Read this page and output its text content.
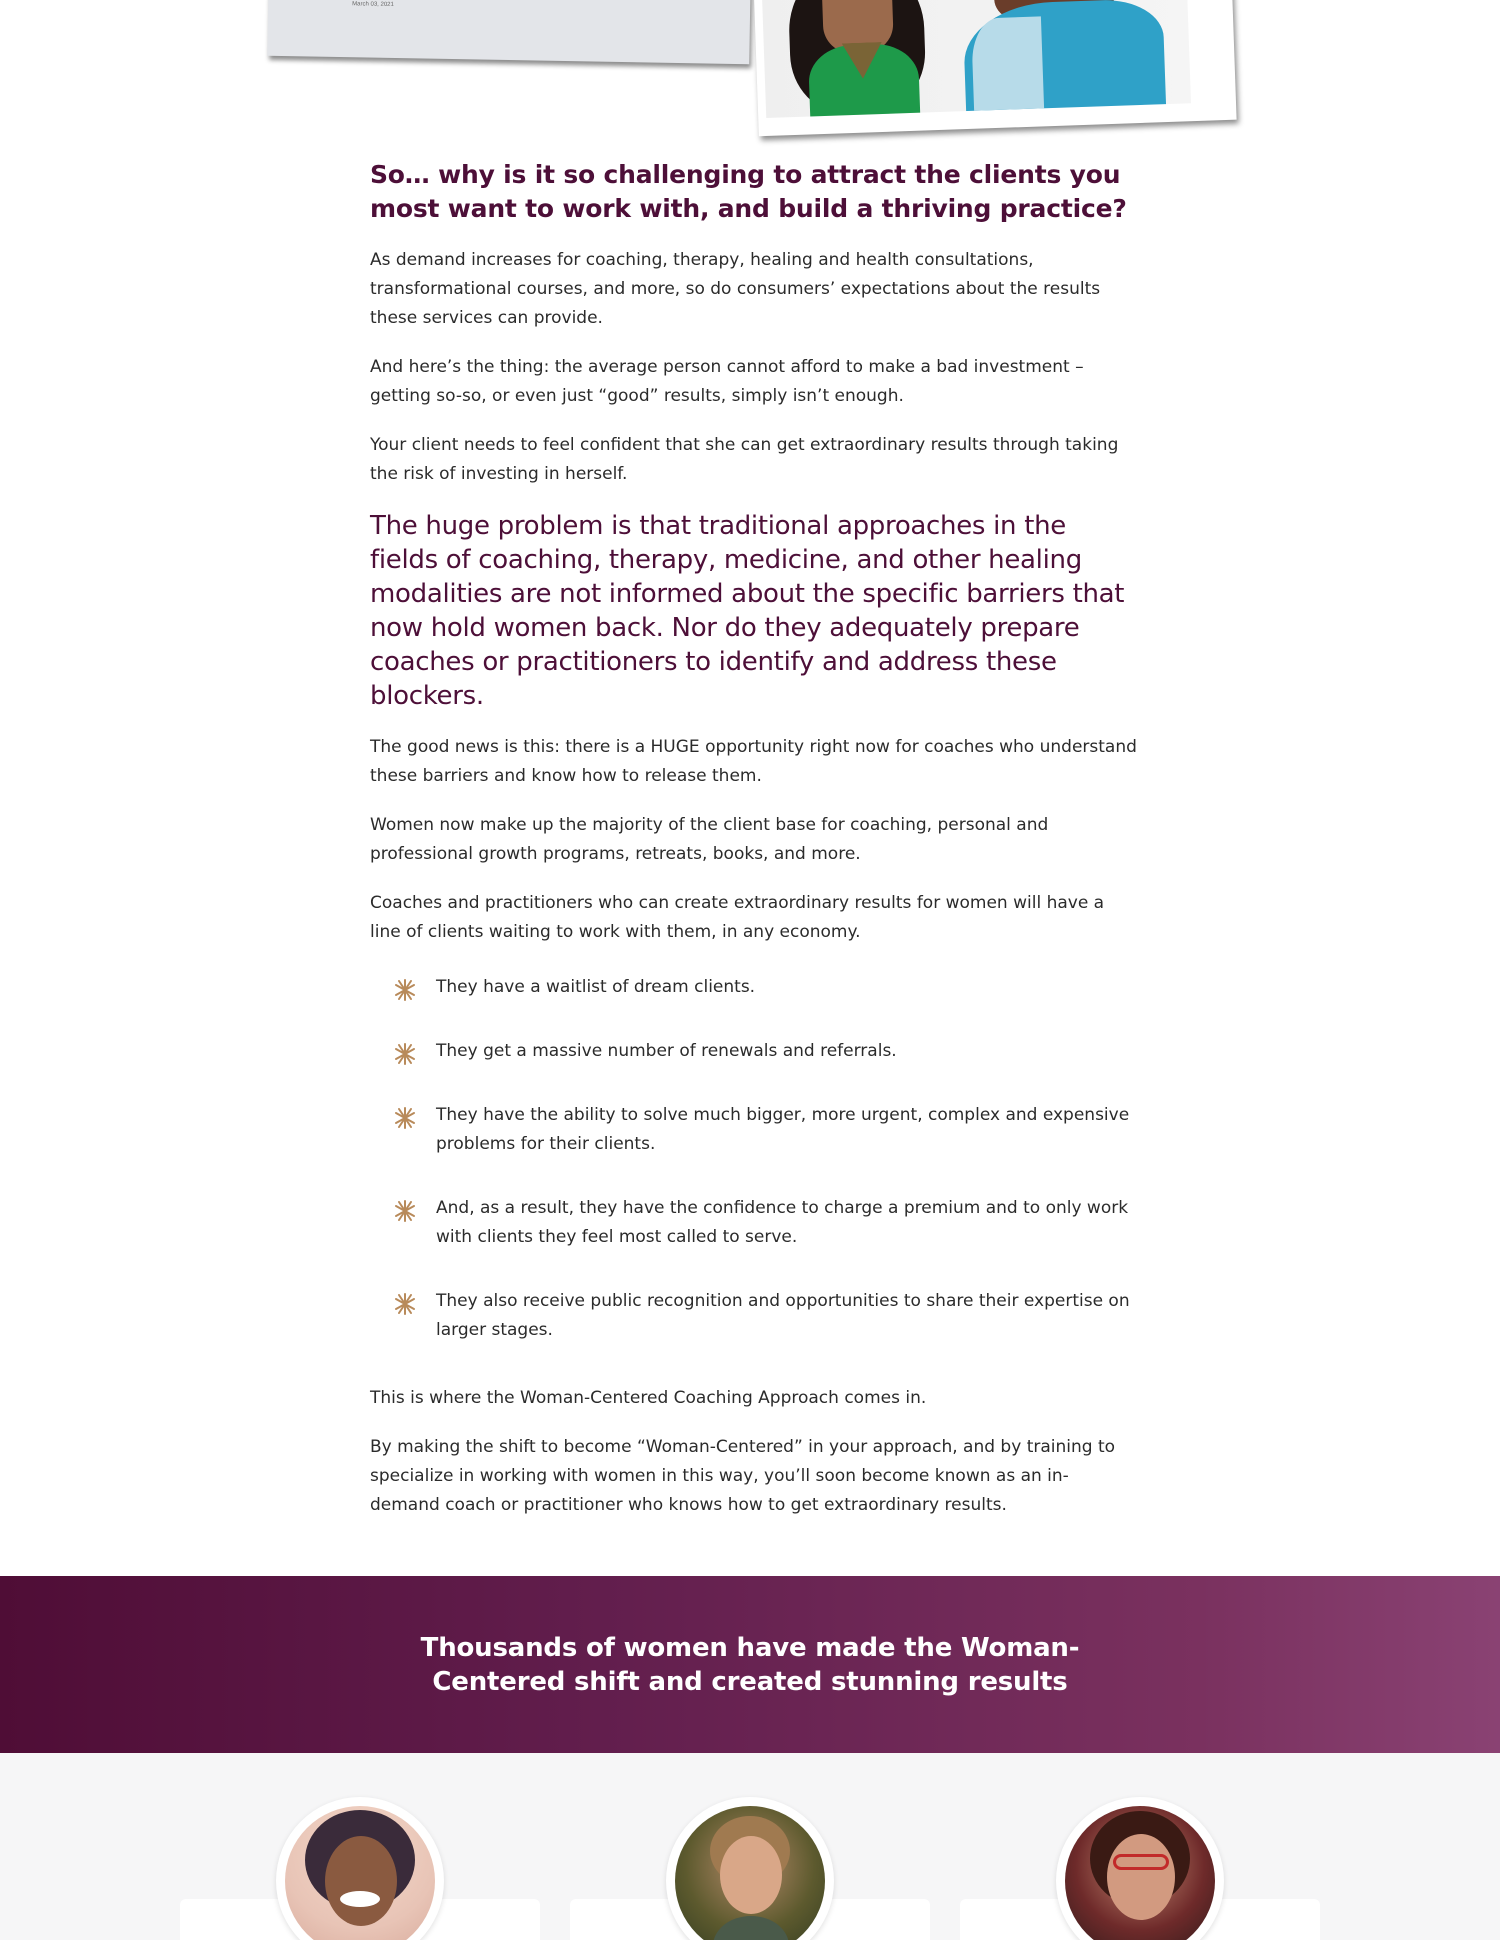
March 03, 2021
So… why is it so challenging to attract the clients you most want to work with, and build a thriving practice?

As demand increases for coaching, therapy, healing and health consultations, transformational courses, and more, so do consumers’ expectations about the results these services can provide.

And here’s the thing: the average person cannot afford to make a bad investment – getting so-so, or even just “good” results, simply isn’t enough.

Your client needs to feel confident that she can get extraordinary results through taking the risk of investing in herself.

The huge problem is that traditional approaches in the fields of coaching, therapy, medicine, and other healing modalities are not informed about the specific barriers that now hold women back. Nor do they adequately prepare coaches or practitioners to identify and address these blockers.

The good news is this: there is a HUGE opportunity right now for coaches who understand these barriers and know how to release them.

Women now make up the majority of the client base for coaching, personal and professional growth programs, retreats, books, and more.

Coaches and practitioners who can create extraordinary results for women will have a line of clients waiting to work with them, in any economy.

They have a waitlist of dream clients.
They get a massive number of renewals and referrals.
They have the ability to solve much bigger, more urgent, complex and expensive problems for their clients.
And, as a result, they have the confidence to charge a premium and to only work with clients they feel most called to serve.
They also receive public recognition and opportunities to share their expertise on larger stages.

This is where the Woman-Centered Coaching Approach comes in.

By making the shift to become “Woman-Centered” in your approach, and by training to specialize in working with women in this way, you’ll soon become known as an in-demand coach or practitioner who knows how to get extraordinary results.

Thousands of women have made the Woman-Centered shift and created stunning results
